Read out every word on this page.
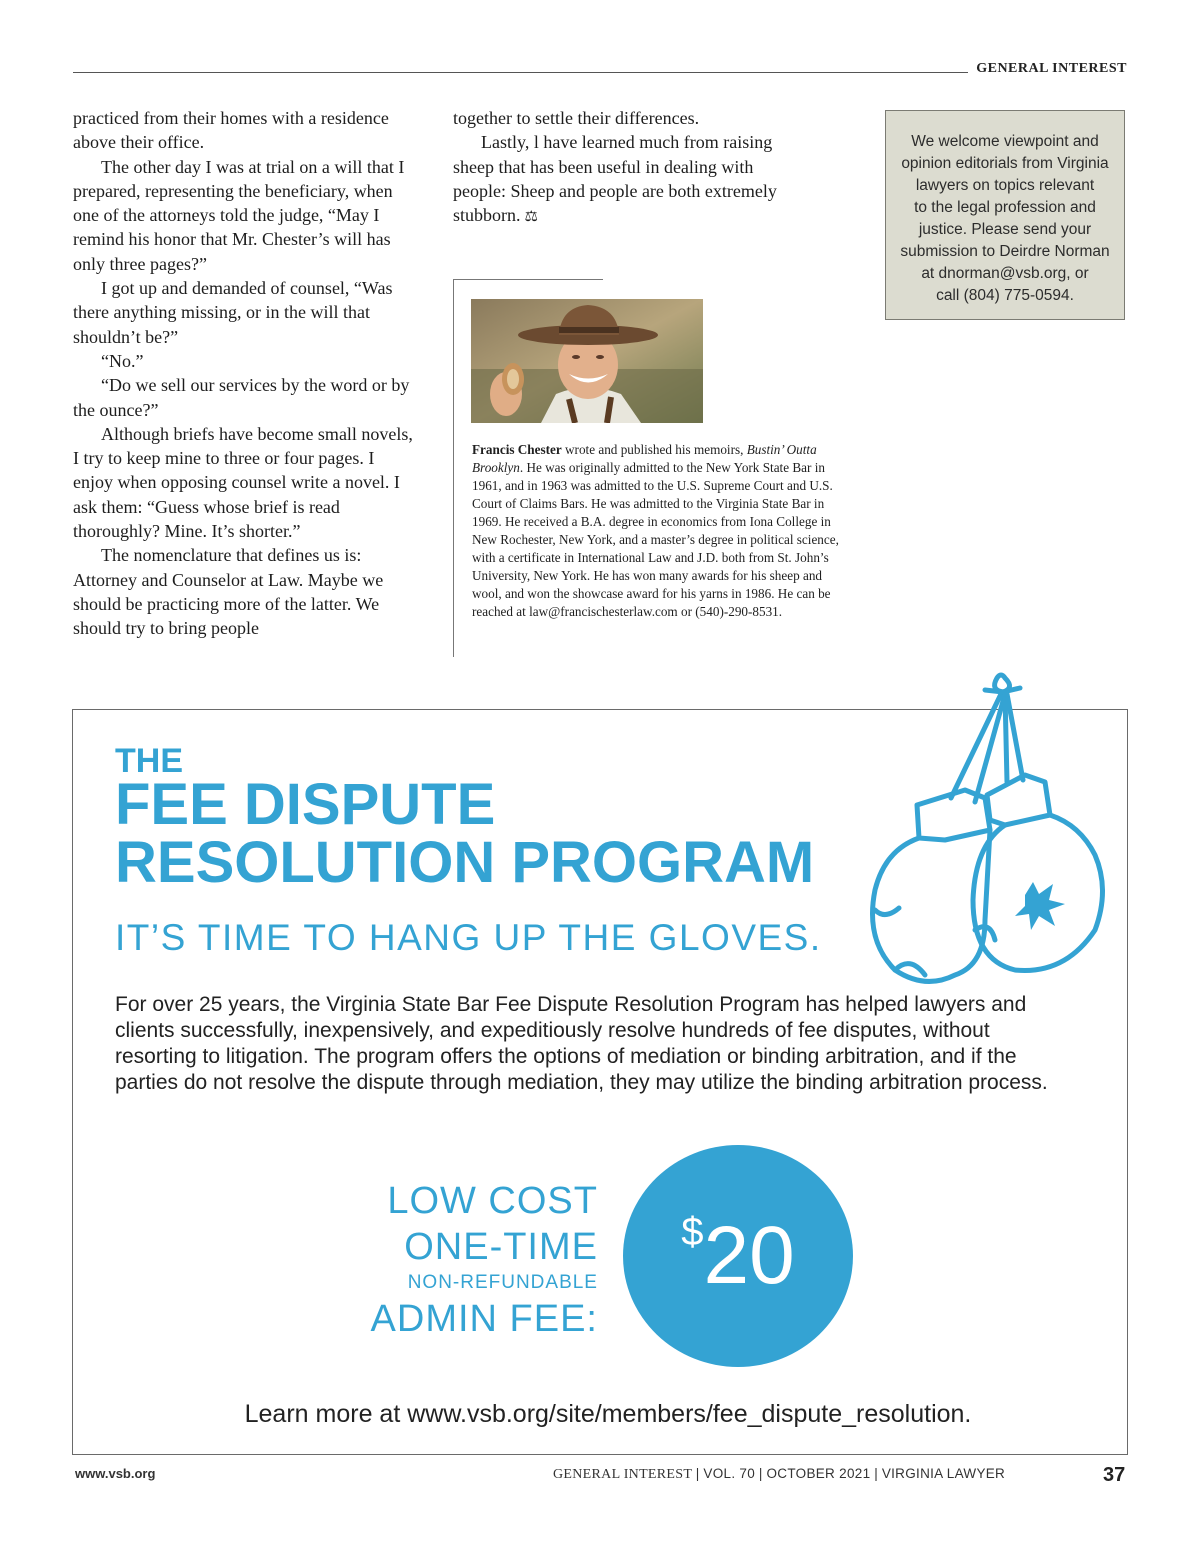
GENERAL INTEREST

practiced from their homes with a residence above their office.

The other day I was at trial on a will that I prepared, representing the beneficiary, when one of the attorneys told the judge, “May I remind his honor that Mr. Chester’s will has only three pages?”

I got up and demanded of counsel, “Was there anything missing, or in the will that shouldn’t be?”

“No.”

“Do we sell our services by the word or by the ounce?”

Although briefs have become small novels, I try to keep mine to three or four pages. I enjoy when opposing counsel write a novel. I ask them: “Guess whose brief is read thoroughly? Mine. It’s shorter.”

The nomenclature that defines us is: Attorney and Counselor at Law. Maybe we should be practicing more of the latter. We should try to bring people

together to settle their differences.

Lastly, l have learned much from raising sheep that has been useful in dealing with people: Sheep and people are both extremely stubborn. ⚖

We welcome viewpoint and
opinion editorials from Virginia
lawyers on topics relevant
to the legal profession and
justice. Please send your
submission to Deirdre Norman
at dnorman@vsb.org, or
call (804) 775-0594.
Francis Chester wrote and published his memoirs, Bustin’ Outta Brooklyn. He was originally admitted to the New York State Bar in 1961, and in 1963 was admitted to the U.S. Supreme Court and U.S. Court of Claims Bars. He was admitted to the Virginia State Bar in 1969. He received a B.A. degree in economics from Iona College in New Rochester, New York, and a master’s degree in political science, with a certificate in International Law and J.D. both from St. John’s University, New York. He has won many awards for his sheep and wool, and won the showcase award for his yarns in 1986. He can be reached at law@francischesterlaw.com or (540)-290-8531.
THE
FEE DISPUTE
RESOLUTION PROGRAM
IT’S TIME TO HANG UP THE GLOVES.
For over 25 years, the Virginia State Bar Fee Dispute Resolution Program has helped lawyers and clients successfully, inexpensively, and expeditiously resolve hundreds of fee disputes, without resorting to litigation. The program offers the options of mediation or binding arbitration, and if the parties do not resolve the dispute through mediation, they may utilize the binding arbitration process.
LOW COST
ONE-TIME
NON-REFUNDABLE
ADMIN FEE:
$20
Learn more at www.vsb.org/site/members/fee_dispute_resolution.
www.vsb.org	GENERAL INTEREST | VOL. 70 | OCTOBER 2021 | VIRGINIA LAWYER	37
